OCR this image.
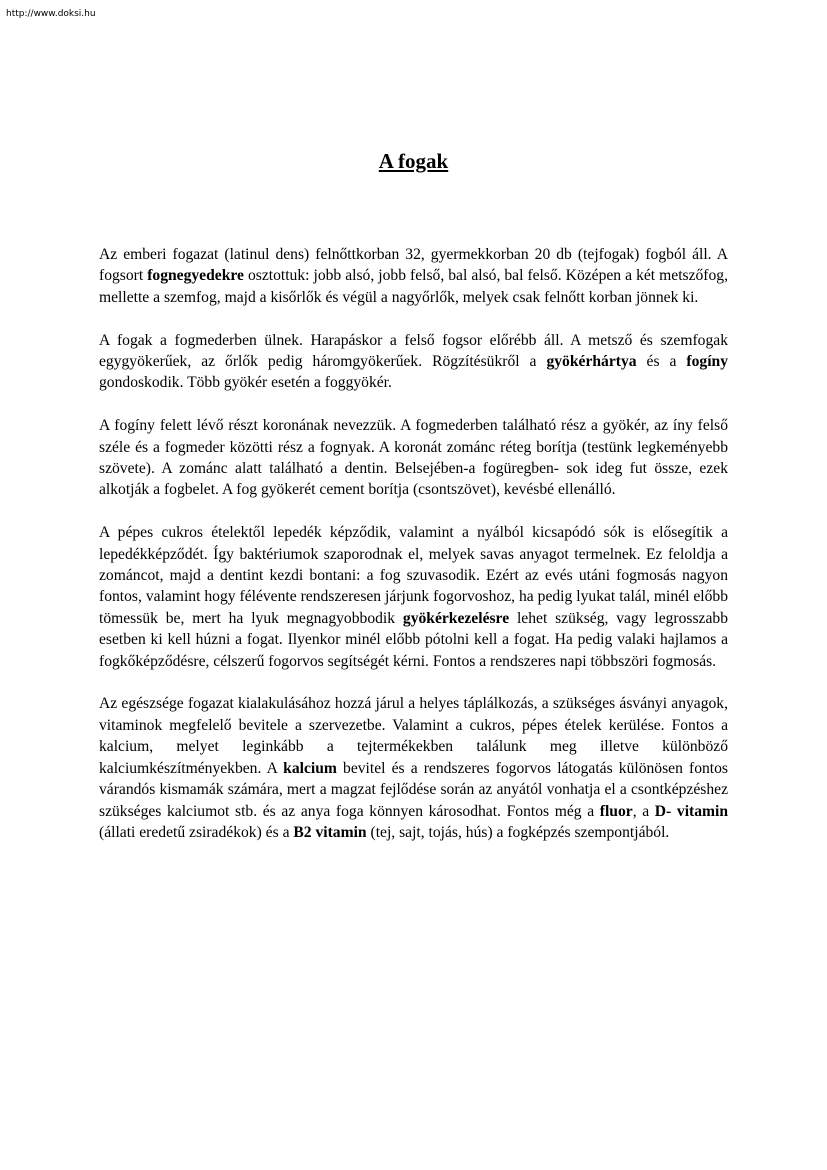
http://www.doksi.hu
A fogak

Az emberi fogazat (latinul dens) felnőttkorban 32, gyermekkorban 20 db (tejfogak) fogból áll. A fogsort fognegyedekre osztottuk: jobb alsó, jobb felső, bal alsó, bal felső. Középen a két metszőfog, mellette a szemfog, majd a kisőrlők és végül a nagyőrlők, melyek csak felnőtt korban jönnek ki.

A fogak a fogmederben ülnek. Harapáskor a felső fogsor előrébb áll. A metsző és szemfogak egygyökerűek, az őrlők pedig háromgyökerűek. Rögzítésükről a gyökérhártya és a fogíny gondoskodik. Több gyökér esetén a foggyökér.

A fogíny felett lévő részt koronának nevezzük. A fogmederben található rész a gyökér, az íny felső széle és a fogmeder közötti rész a fognyak. A koronát zománc réteg borítja (testünk legkeményebb szövete). A zománc alatt található a dentin. Belsejében-a fogüregben- sok ideg fut össze, ezek alkotják a fogbelet. A fog gyökerét cement borítja (csontszövet), kevésbé ellenálló.

A pépes cukros ételektől lepedék képződik, valamint a nyálból kicsapódó sók is elősegítik a lepedékképződét. Így baktériumok szaporodnak el, melyek savas anyagot termelnek. Ez feloldja a zománcot, majd a dentint kezdi bontani: a fog szuvasodik. Ezért az evés utáni fogmosás nagyon fontos, valamint hogy félévente rendszeresen járjunk fogorvoshoz, ha pedig lyukat talál, minél előbb tömessük be, mert ha lyuk megnagyobbodik gyökérkezelésre lehet szükség, vagy legrosszabb esetben ki kell húzni a fogat. Ilyenkor minél előbb pótolni kell a fogat. Ha pedig valaki hajlamos a fogkőképződésre, célszerű fogorvos segítségét kérni. Fontos a rendszeres napi többszöri fogmosás.

Az egészsége fogazat kialakulásához hozzá járul a helyes táplálkozás, a szükséges ásványi anyagok, vitaminok megfelelő bevitele a szervezetbe. Valamint a cukros, pépes ételek kerülése. Fontos a kalcium, melyet leginkább a tejtermékekben találunk meg illetve különböző kalciumkészítményekben. A kalcium bevitel és a rendszeres fogorvos látogatás különösen fontos várandós kismamák számára, mert a magzat fejlődése során az anyától vonhatja el a csontképzéshez szükséges kalciumot stb. és az anya foga könnyen károsodhat. Fontos még a fluor, a D- vitamin (állati eredetű zsiradékok) és a B2 vitamin (tej, sajt, tojás, hús) a fogképzés szempontjából.
